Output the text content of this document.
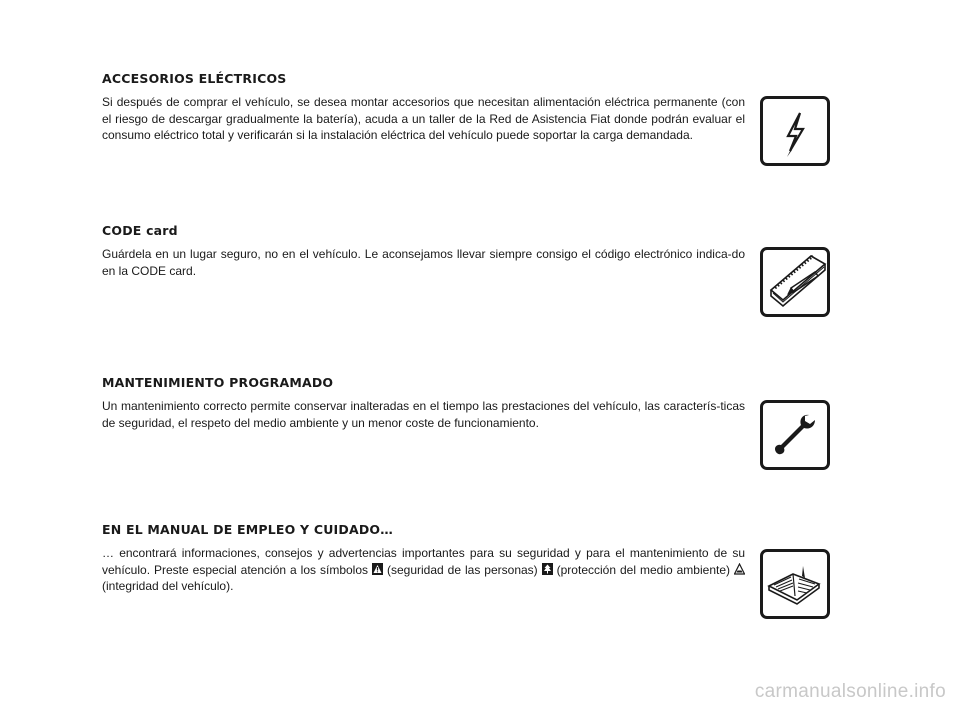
ACCESORIOS ELÉCTRICOS

Si después de comprar el vehículo, se desea montar accesorios que necesitan alimentación eléctrica permanente (con el riesgo de descargar gradualmente la batería), acuda a un taller de la Red de Asistencia Fiat donde podrán evaluar el consumo eléctrico total y verificarán si la instalación eléctrica del vehículo puede soportar la carga demandada.

CODE card

Guárdela en un lugar seguro, no en el vehículo. Le aconsejamos llevar siempre consigo el código electrónico indica-do en la CODE card.

MANTENIMIENTO PROGRAMADO

Un mantenimiento correcto permite conservar inalteradas en el tiempo las prestaciones del vehículo, las caracterís-ticas de seguridad, el respeto del medio ambiente y un menor coste de funcionamiento.

EN EL MANUAL DE EMPLEO Y CUIDADO…

… encontrará informaciones, consejos y advertencias importantes para su seguridad y para el mantenimiento de su vehículo. Preste especial atención a los símbolos (seguridad de las personas) (protección del medio ambiente)
(integridad del vehículo).

carmanualsonline.info
